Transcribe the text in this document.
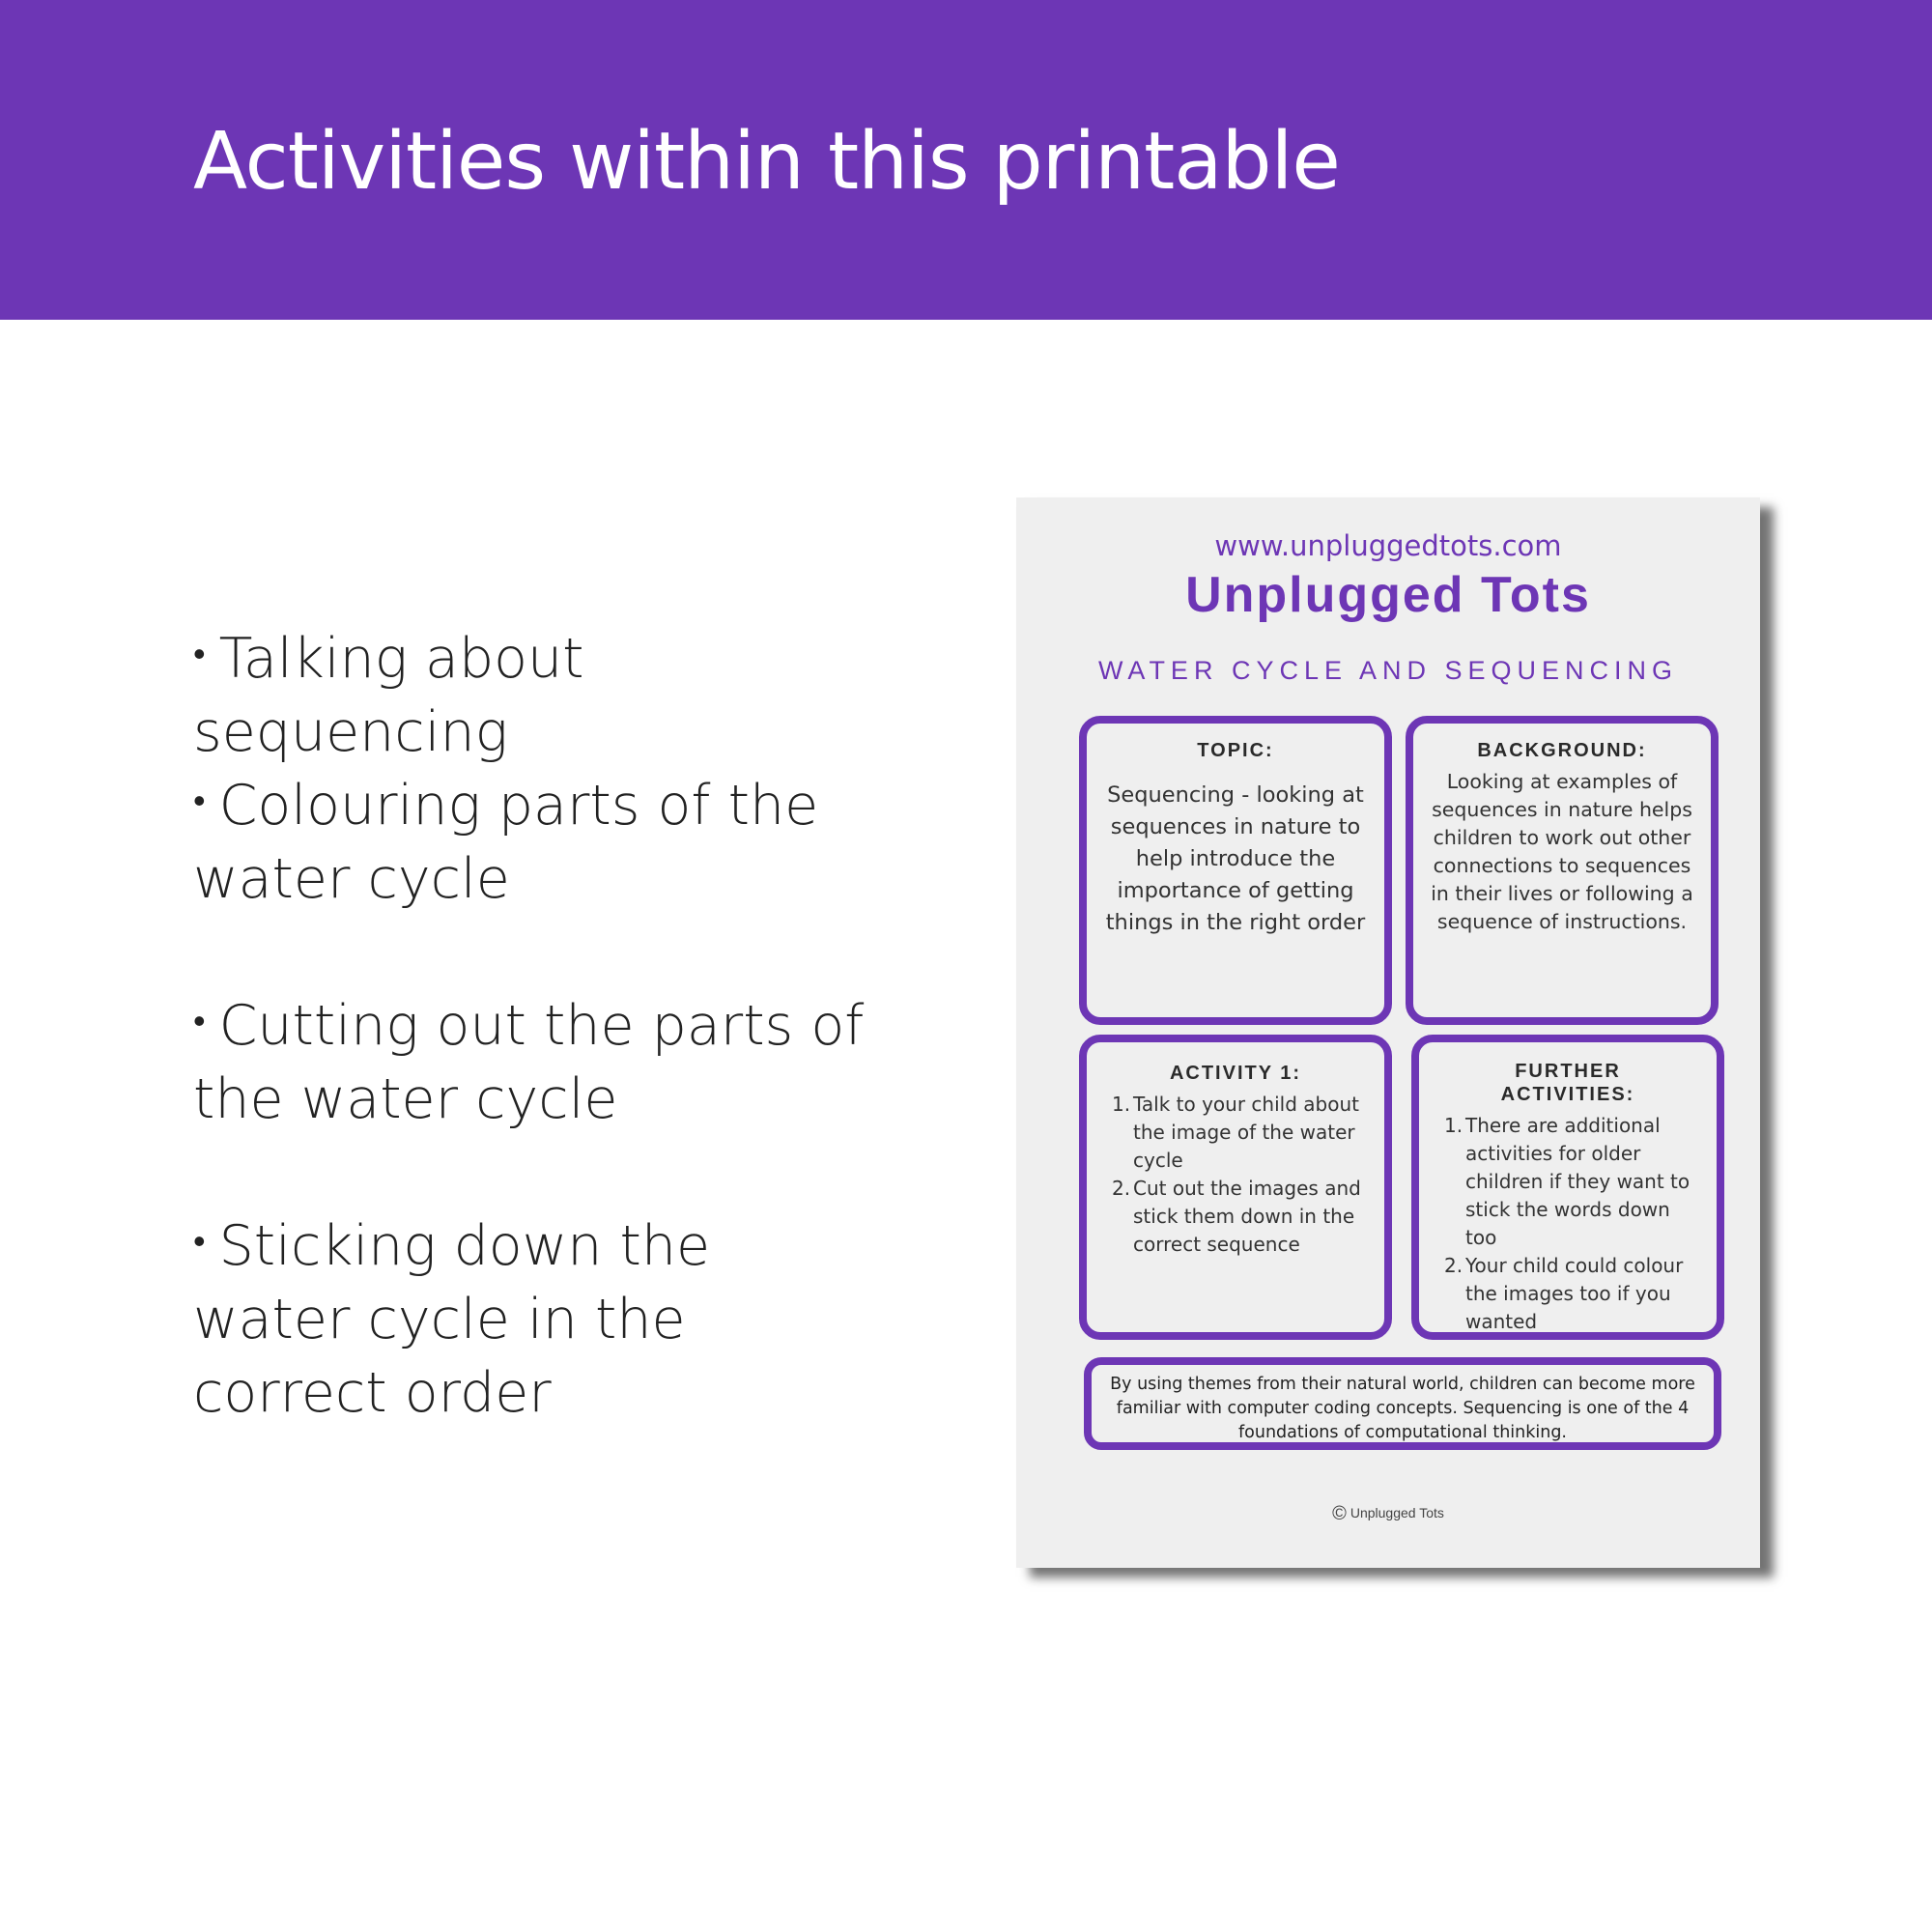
Activities within this printable
• Talking about sequencing
• Colouring parts of the water cycle
• Cutting out the parts of the water cycle
• Sticking down the water cycle in the correct order
www.unpluggedtots.com
Unplugged Tots
WATER CYCLE AND SEQUENCING
TOPIC:
Sequencing - looking at sequences in nature to help introduce the importance of getting things in the right order
BACKGROUND:
Looking at examples of sequences in nature helps children to work out other connections to sequences in their lives or following a sequence of instructions.
ACTIVITY 1:
1. Talk to your child about the image of the water cycle
2. Cut out the images and stick them down in the correct sequence
FURTHER
ACTIVITIES:
1. There are additional activities for older children if they want to stick the words down too
2. Your child could colour the images too if you wanted
By using themes from their natural world, children can become more familiar with computer coding concepts. Sequencing is one of the 4 foundations of computational thinking.
© Unplugged Tots
